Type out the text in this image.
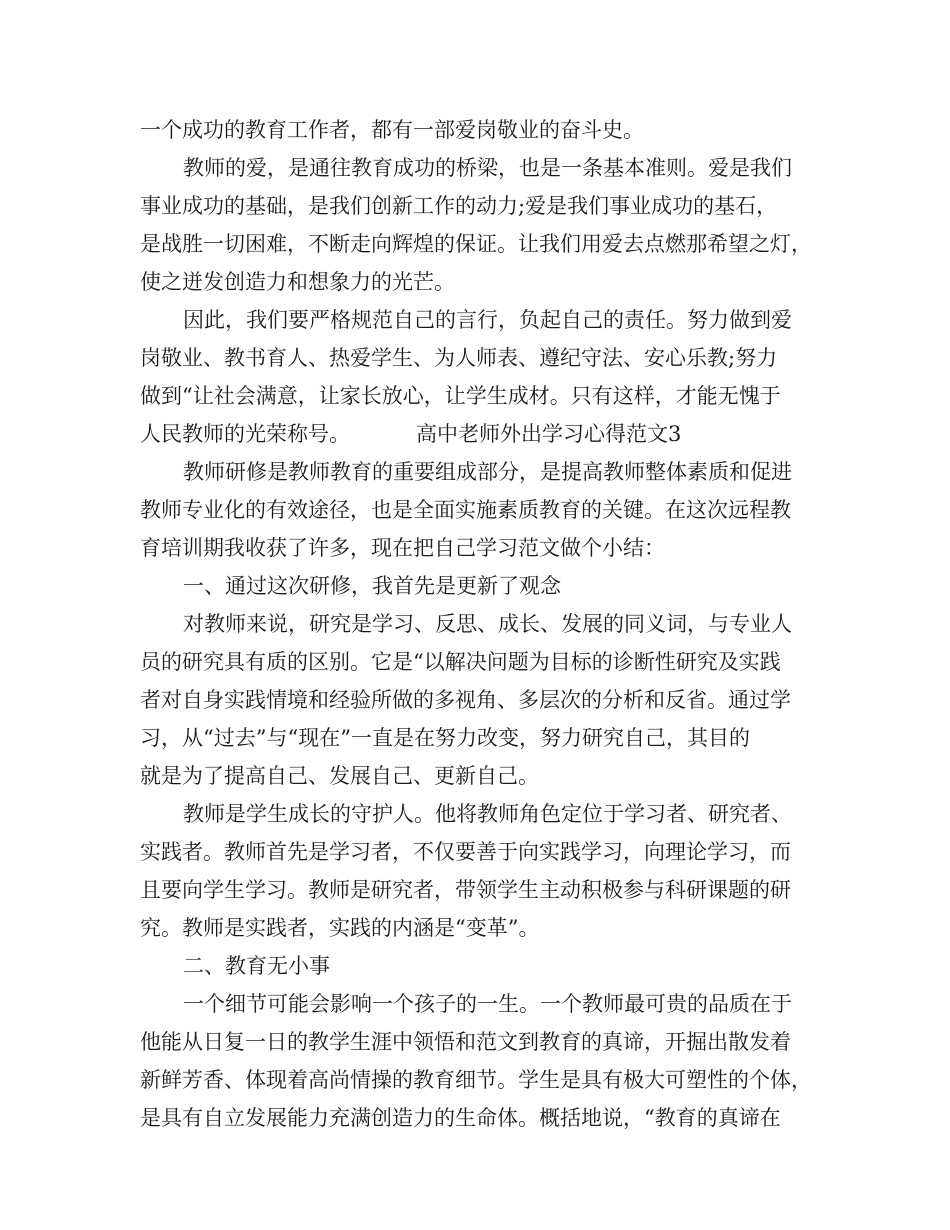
一个成功的教育工作者，都有一部爱岗敬业的奋斗史。
教师的爱，是通往教育成功的桥梁，也是一条基本准则。爱是我们
事业成功的基础，是我们创新工作的动力;爱是我们事业成功的基石，
是战胜一切困难，不断走向辉煌的保证。让我们用爱去点燃那希望之灯，
使之迸发创造力和想象力的光芒。
因此，我们要严格规范自己的言行，负起自己的责任。努力做到爱
岗敬业、教书育人、热爱学生、为人师表、遵纪守法、安心乐教;努力
做到“让社会满意，让家长放心，让学生成材。只有这样，才能无愧于
人民教师的光荣称号。	高中老师外出学习心得范文3
教师研修是教师教育的重要组成部分，是提高教师整体素质和促进
教师专业化的有效途径，也是全面实施素质教育的关键。在这次远程教
育培训期我收获了许多，现在把自己学习范文做个小结：
一、通过这次研修，我首先是更新了观念
对教师来说，研究是学习、反思、成长、发展的同义词，与专业人
员的研究具有质的区别。它是“以解决问题为目标的诊断性研究及实践
者对自身实践情境和经验所做的多视角、多层次的分析和反省。通过学
习，从“过去”与“现在”一直是在努力改变，努力研究自己，其目的
就是为了提高自己、发展自己、更新自己。
教师是学生成长的守护人。他将教师角色定位于学习者、研究者、
实践者。教师首先是学习者，不仅要善于向实践学习，向理论学习，而
且要向学生学习。教师是研究者，带领学生主动积极参与科研课题的研
究。教师是实践者，实践的内涵是“变革”。
二、教育无小事
一个细节可能会影响一个孩子的一生。一个教师最可贵的品质在于
他能从日复一日的教学生涯中领悟和范文到教育的真谛，开掘出散发着
新鲜芳香、体现着高尚情操的教育细节。学生是具有极大可塑性的个体，
是具有自立发展能力充满创造力的生命体。概括地说，“教育的真谛在
